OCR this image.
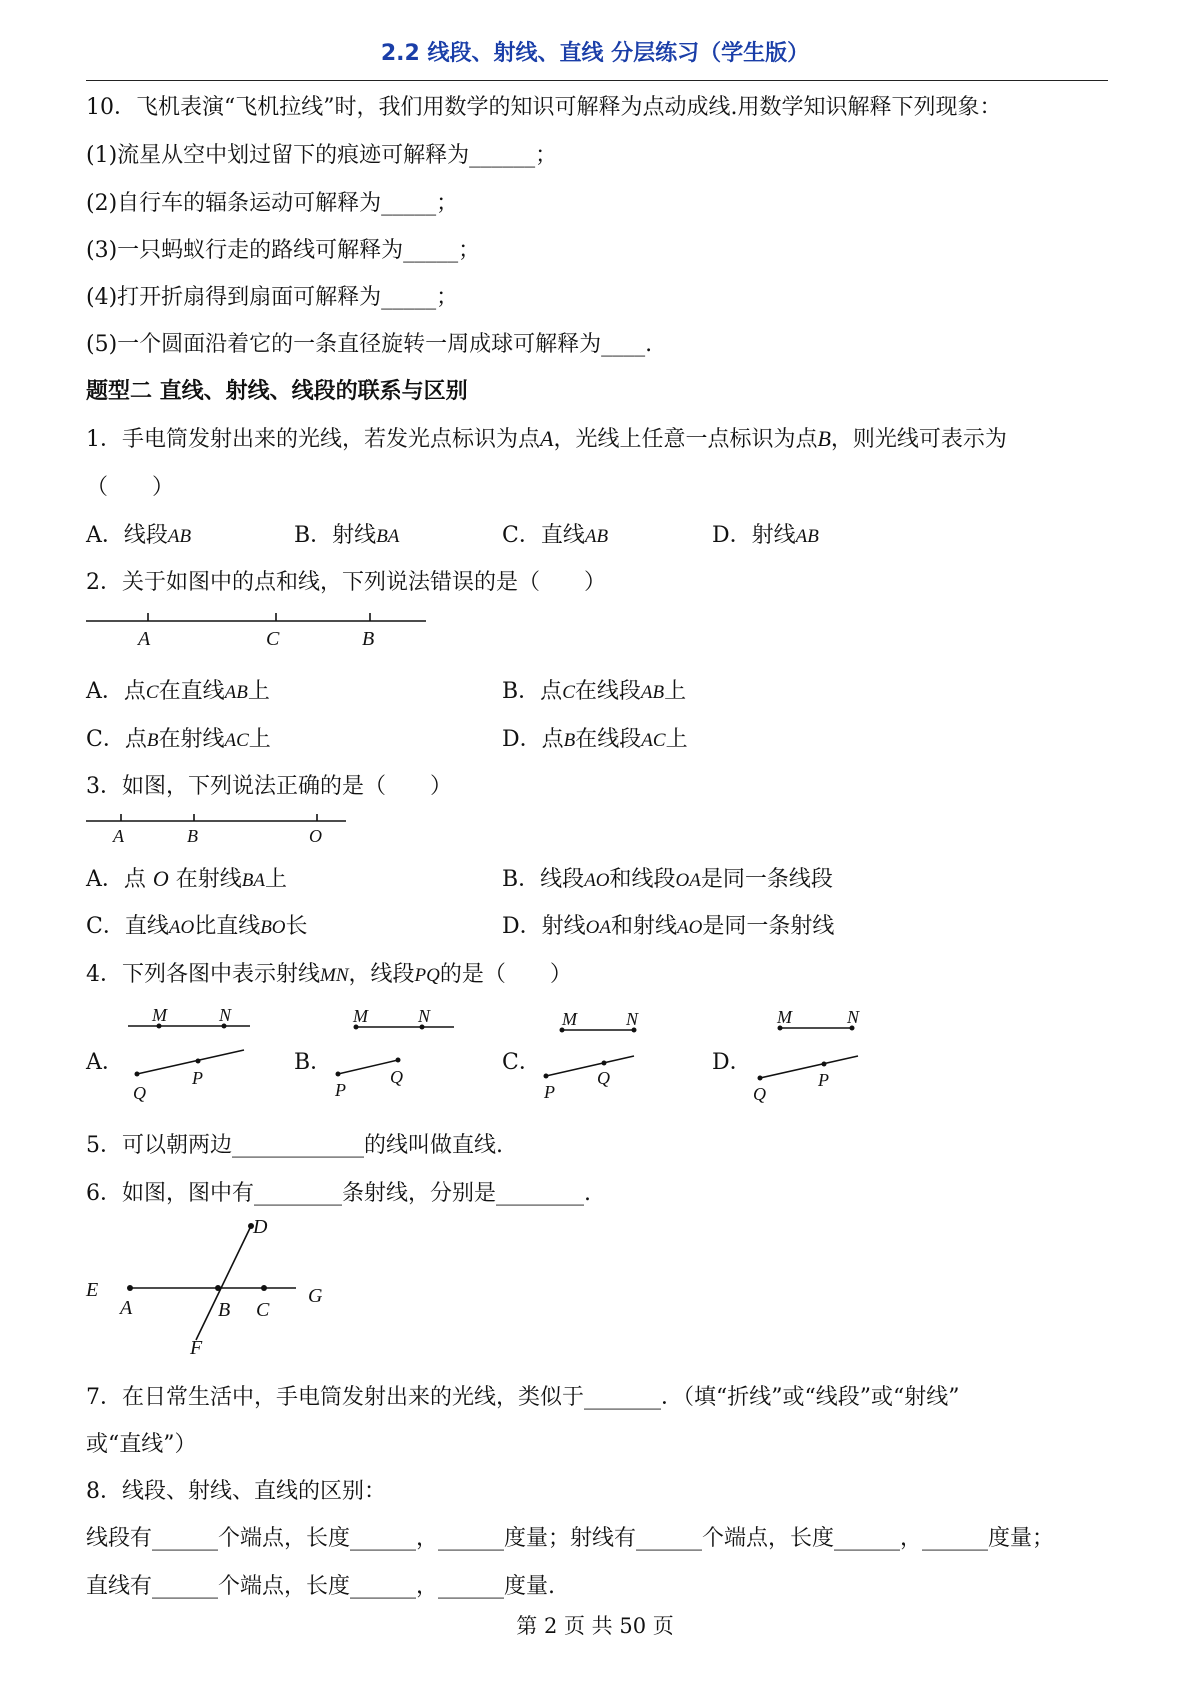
2.2 线段、射线、直线 分层练习（学生版）
10．飞机表演“飞机拉线”时，我们用数学的知识可解释为点动成线.用数学知识解释下列现象：
(1)流星从空中划过留下的痕迹可解释为______；
(2)自行车的辐条运动可解释为_____；
(3)一只蚂蚁行走的路线可解释为_____；
(4)打开折扇得到扇面可解释为_____；
(5)一个圆面沿着它的一条直径旋转一周成球可解释为____.
题型二 直线、射线、线段的联系与区别
1．手电筒发射出来的光线，若发光点标识为点A，光线上任意一点标识为点B，则光线可表示为
（　　）
A．线段AB	B．射线BA	C．直线AB	D．射线AB
2．关于如图中的点和线，下列说法错误的是（　　）
A	C	B
A．点C在直线AB上	B．点C在线段AB上
C．点B在射线AC上	D．点B在线段AC上
3．如图，下列说法正确的是（　　）
A	B	O
A．点 O 在射线BA上	B．线段AO和线段OA是同一条线段
C．直线AO比直线BO长	D．射线OA和射线AO是同一条射线
4．下列各图中表示射线MN，线段PQ的是（　　）
A．	B．	C．	D．
M	N
Q
P
M	N
P
Q
M	N
P
Q
M	N
Q
P
5．可以朝两边____________的线叫做直线.
6．如图，图中有________条射线，分别是________.
D
E
A	B C
G
F
7．在日常生活中，手电筒发射出来的光线，类似于_______．（填“折线”或“线段”或“射线”
或“直线”）
8．线段、射线、直线的区别：
线段有______个端点，长度______，______度量；射线有______个端点，长度______，______度量；
直线有______个端点，长度______，______度量.
第 2 页 共 50 页
